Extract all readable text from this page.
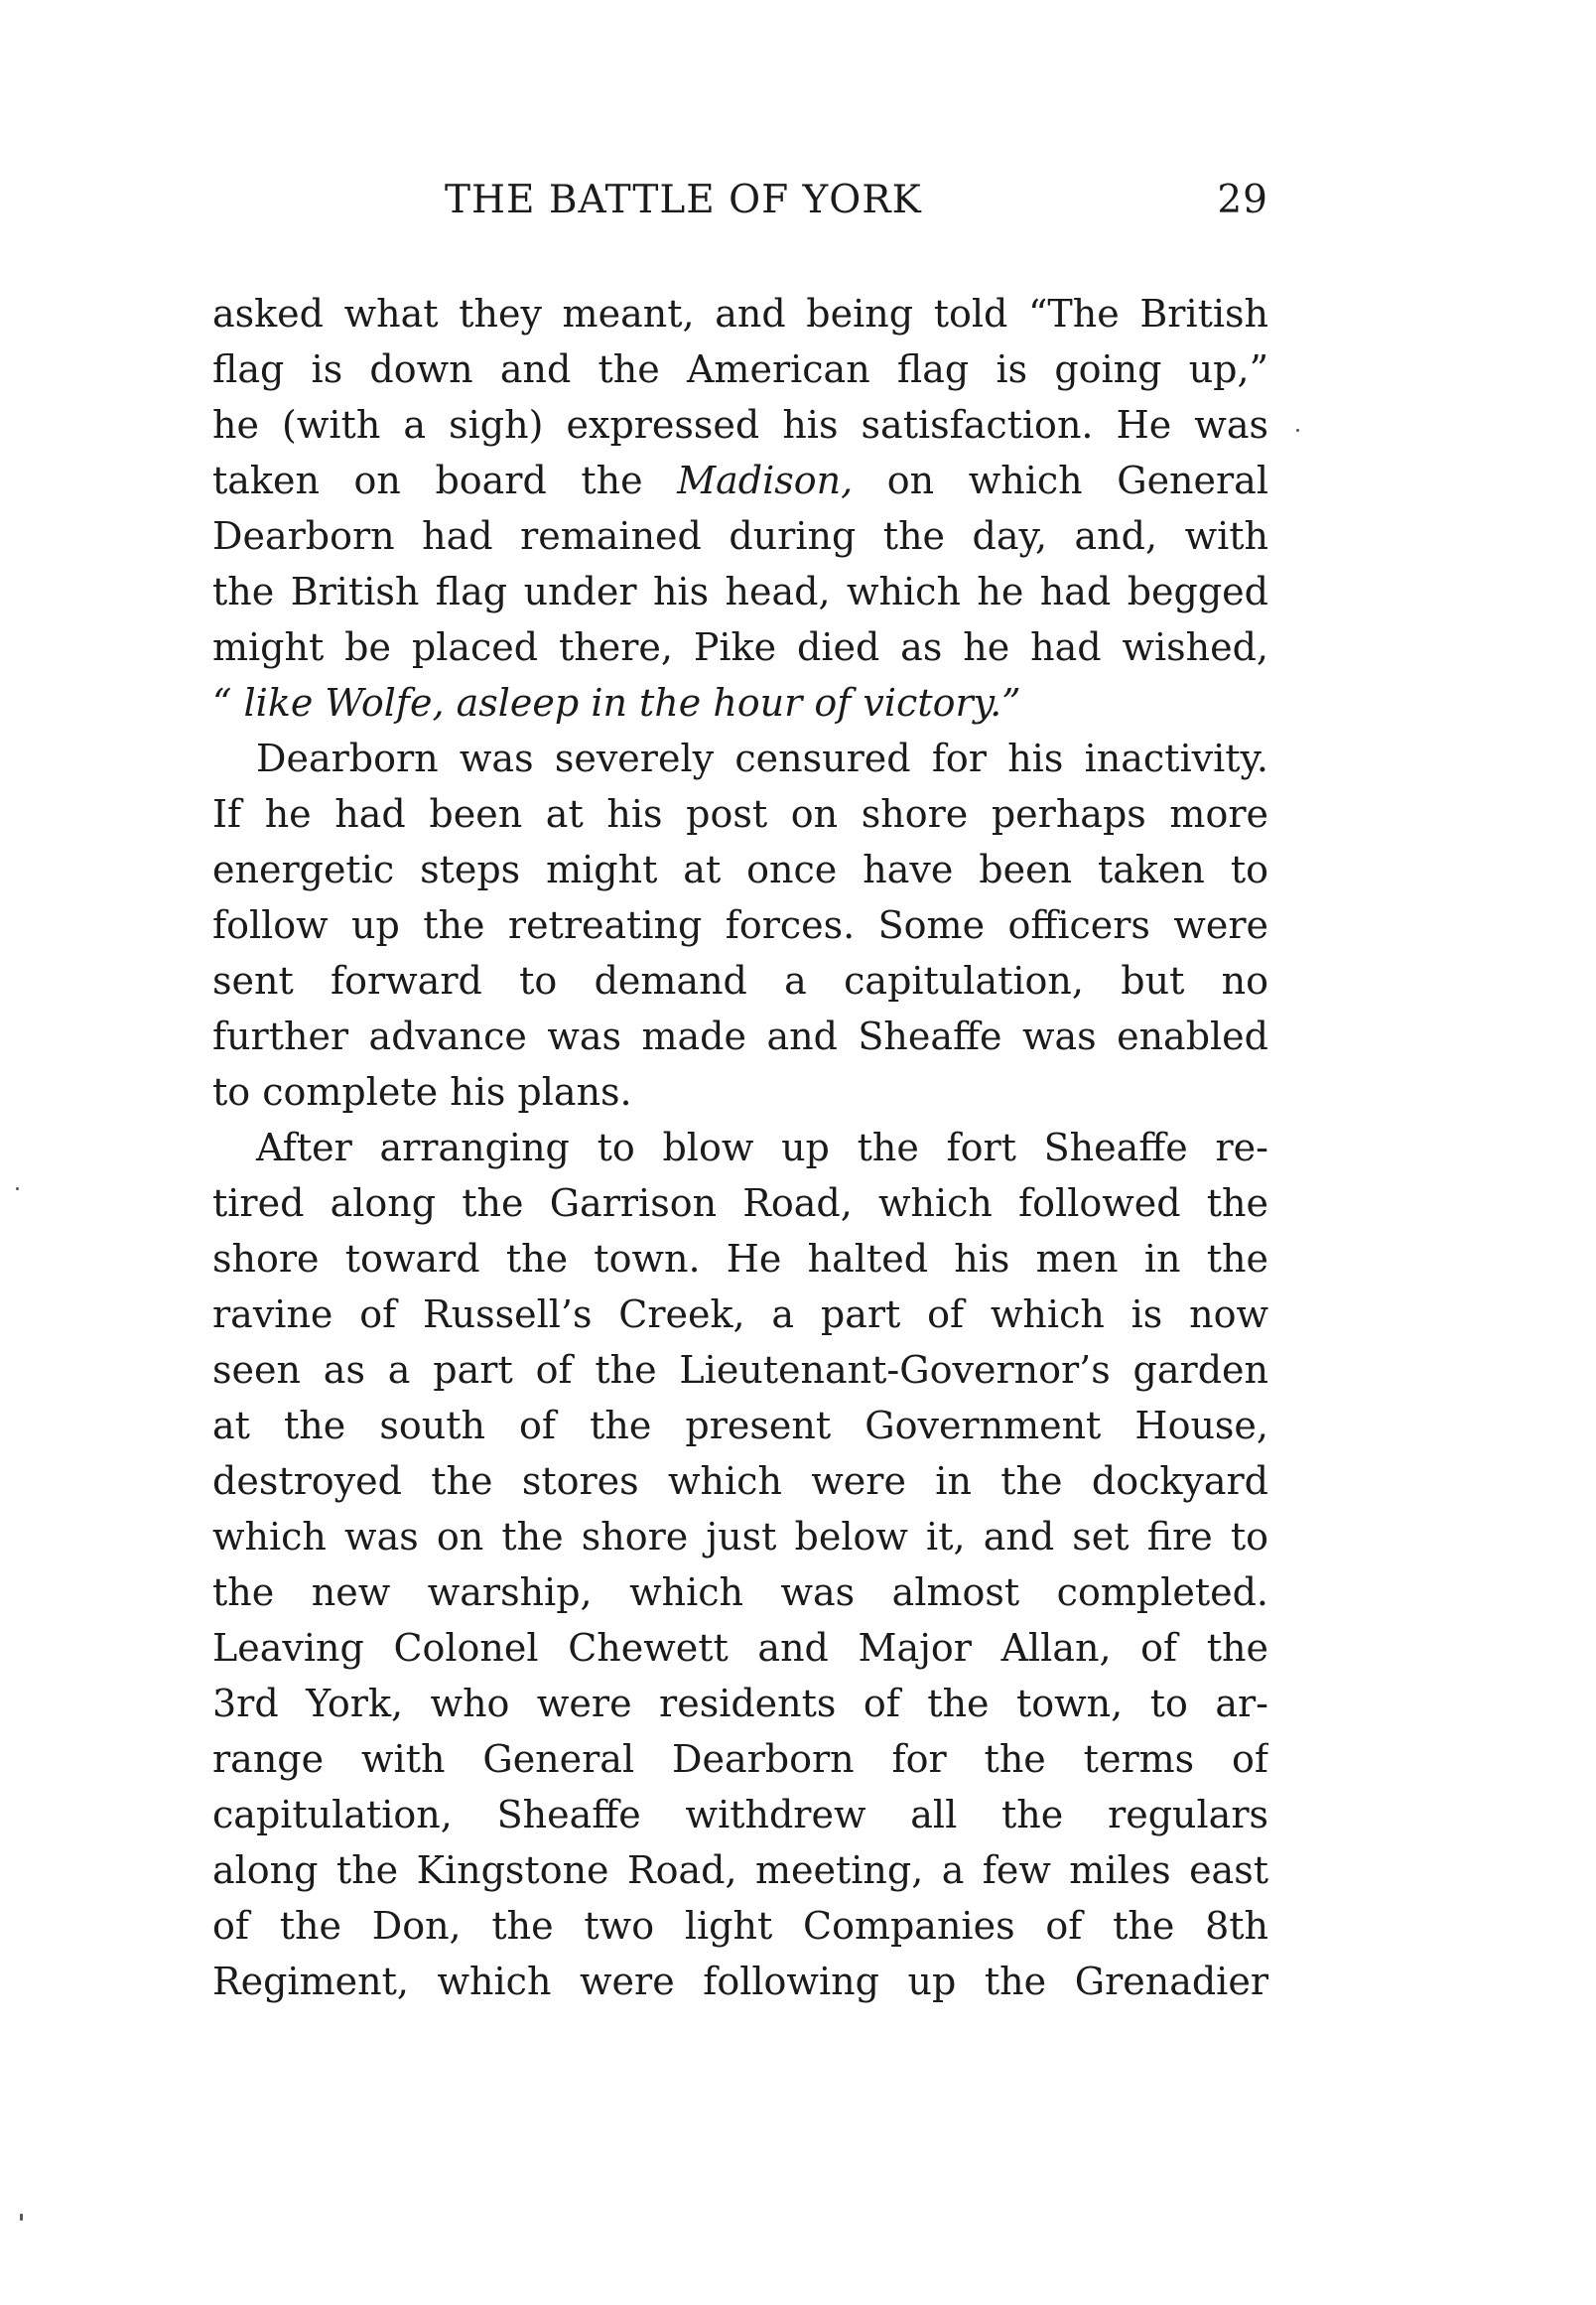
THE BATTLE OF YORK	29
asked what they meant, and being told “The British
flag is down and the American flag is going up,”
he (with a sigh) expressed his satisfaction. He was
taken on board the Madison, on which General
Dearborn had remained during the day, and, with
the British flag under his head, which he had begged
might be placed there, Pike died as he had wished,
“ like Wolfe, asleep in the hour of victory.”
Dearborn was severely censured for his inactivity.
If he had been at his post on shore perhaps more
energetic steps might at once have been taken to
follow up the retreating forces. Some officers were
sent forward to demand a capitulation, but no
further advance was made and Sheaffe was enabled
to complete his plans.
After arranging to blow up the fort Sheaffe re-
tired along the Garrison Road, which followed the
shore toward the town. He halted his men in the
ravine of Russell’s Creek, a part of which is now
seen as a part of the Lieutenant-Governor’s garden
at the south of the present Government House,
destroyed the stores which were in the dockyard
which was on the shore just below it, and set fire to
the new warship, which was almost completed.
Leaving Colonel Chewett and Major Allan, of the
3rd York, who were residents of the town, to ar-
range with General Dearborn for the terms of
capitulation, Sheaffe withdrew all the regulars
along the Kingstone Road, meeting, a few miles east
of the Don, the two light Companies of the 8th
Regiment, which were following up the Grenadier
